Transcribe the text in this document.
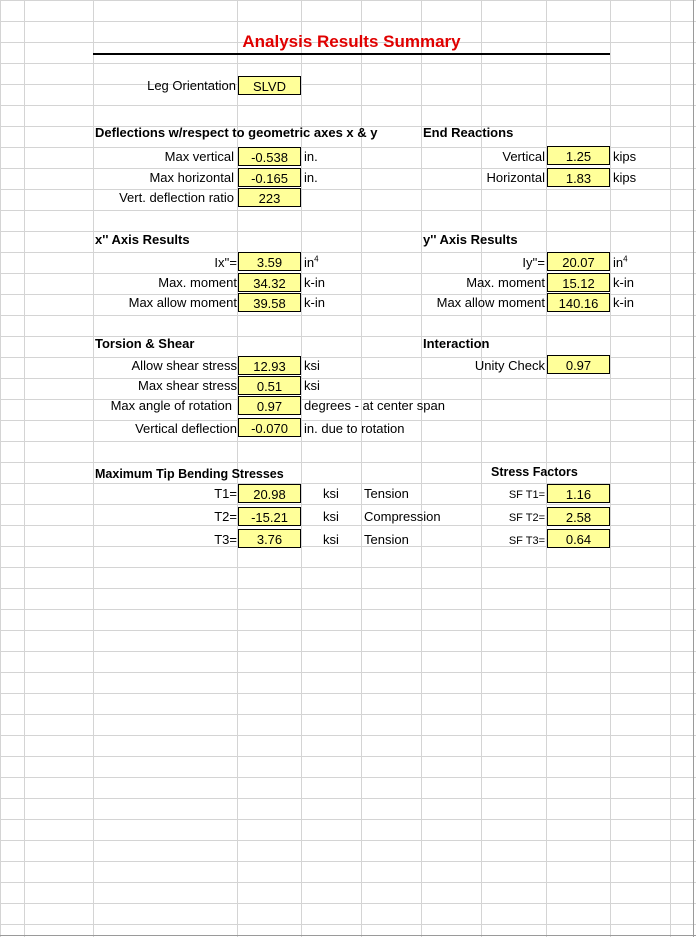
Analysis Results Summary
Leg Orientation	SLVD
Deflections w/respect to geometric axes x & y
Max vertical	-0.538	in.
Max horizontal	-0.165	in.
Vert. deflection ratio	223
End Reactions
Vertical	1.25	kips
Horizontal	1.83	kips
x'' Axis Results
Ix''=	3.59	$in^4$
Max. moment	34.32	k-in
Max allow moment	39.58	k-in
y'' Axis Results
Iy''=	20.07	$in^4$
Max. moment	15.12	k-in
Max allow moment	140.16	k-in
Torsion & Shear
Allow shear stress	12.93	ksi
Max shear stress	0.51	ksi
Max angle of rotation	0.97	degrees - at center span
Vertical deflection	-0.070	in. due to rotation
Interaction
Unity Check	0.97
Maximum Tip Bending Stresses
T1=	20.98	ksi Tension
T2=	-15.21	ksi Compression
T3=	3.76	ksi Tension
Stress Factors
SF T1=	1.16
SF T2=	2.58
SF T3=	0.64
